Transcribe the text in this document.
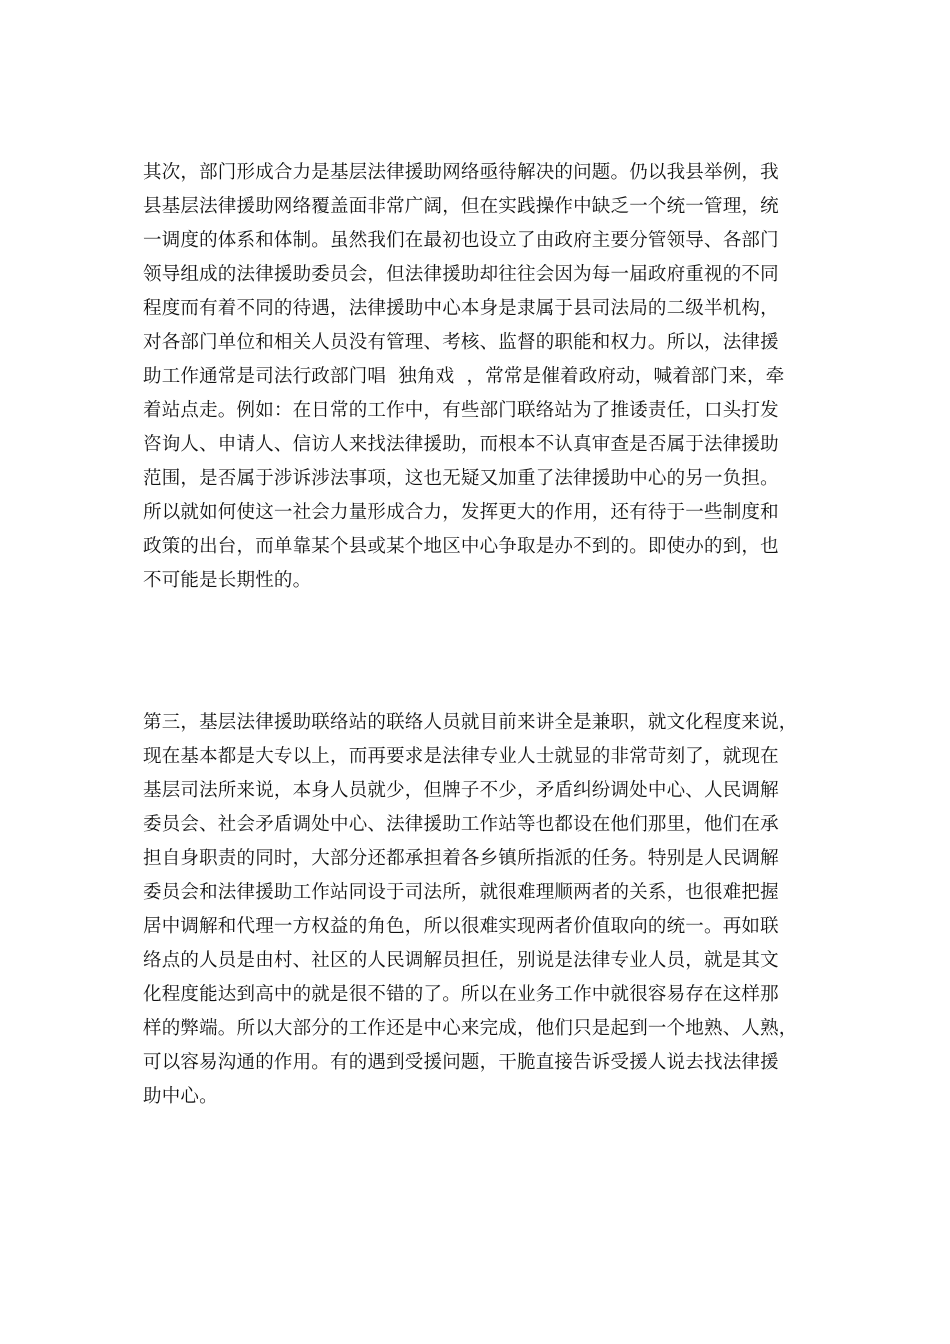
其次，部门形成合力是基层法律援助网络亟待解决的问题。仍以我县举例，我
县基层法律援助网络覆盖面非常广阔，但在实践操作中缺乏一个统一管理，统
一调度的体系和体制。虽然我们在最初也设立了由政府主要分管领导、各部门
领导组成的法律援助委员会，但法律援助却往往会因为每一届政府重视的不同
程度而有着不同的待遇，法律援助中心本身是隶属于县司法局的二级半机构，
对各部门单位和相关人员没有管理、考核、监督的职能和权力。所以，法律援
助工作通常是司法行政部门唱  独角戏  ，常常是催着政府动，喊着部门来，牵
着站点走。例如：在日常的工作中，有些部门联络站为了推诿责任，口头打发
咨询人、申请人、信访人来找法律援助，而根本不认真审查是否属于法律援助
范围，是否属于涉诉涉法事项，这也无疑又加重了法律援助中心的另一负担。
所以就如何使这一社会力量形成合力，发挥更大的作用，还有待于一些制度和
政策的出台，而单靠某个县或某个地区中心争取是办不到的。即使办的到，也
不可能是长期性的。
第三，基层法律援助联络站的联络人员就目前来讲全是兼职，就文化程度来说，
现在基本都是大专以上，而再要求是法律专业人士就显的非常苛刻了，就现在
基层司法所来说，本身人员就少，但牌子不少，矛盾纠纷调处中心、人民调解
委员会、社会矛盾调处中心、法律援助工作站等也都设在他们那里，他们在承
担自身职责的同时，大部分还都承担着各乡镇所指派的任务。特别是人民调解
委员会和法律援助工作站同设于司法所，就很难理顺两者的关系，也很难把握
居中调解和代理一方权益的角色，所以很难实现两者价值取向的统一。再如联
络点的人员是由村、社区的人民调解员担任，别说是法律专业人员，就是其文
化程度能达到高中的就是很不错的了。所以在业务工作中就很容易存在这样那
样的弊端。所以大部分的工作还是中心来完成，他们只是起到一个地熟、人熟，
可以容易沟通的作用。有的遇到受援问题，干脆直接告诉受援人说去找法律援
助中心。
